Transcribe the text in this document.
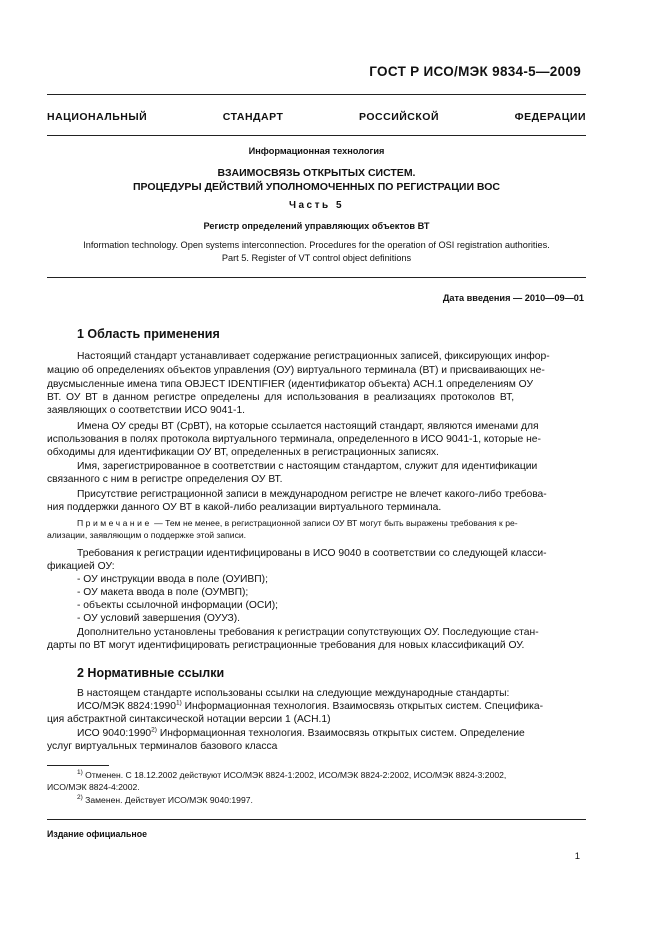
ГОСТ Р ИСО/МЭК 9834-5—2009
НАЦИОНАЛЬНЫЙ СТАНДАРТ РОССИЙСКОЙ ФЕДЕРАЦИИ
Информационная технология
ВЗАИМОСВЯЗЬ ОТКРЫТЫХ СИСТЕМ.
ПРОЦЕДУРЫ ДЕЙСТВИЙ УПОЛНОМОЧЕННЫХ ПО РЕГИСТРАЦИИ ВОС
Часть 5
Регистр определений управляющих объектов ВТ
Information technology. Open systems interconnection. Procedures for the operation of OSI registration authorities.
Part 5. Register of VT control object definitions
Дата введения — 2010—09—01
1 Область применения
Настоящий стандарт устанавливает содержание регистрационных записей, фиксирующих инфор-
мацию об определениях объектов управления (ОУ) виртуального терминала (ВТ) и присваивающих не-
двусмысленные имена типа OBJECT IDENTIFIER (идентификатор объекта) АСН.1 определениям ОУ
ВТ. ОУ ВТ в данном регистре определены для использования в реализациях протоколов ВТ,
заявляющих о соответствии ИСО 9041-1.
Имена ОУ среды ВТ (СрВТ), на которые ссылается настоящий стандарт, являются именами для
использования в полях протокола виртуального терминала, определенного в ИСО 9041-1, которые не-
обходимы для идентификации ОУ ВТ, определенных в регистрационных записях.
Имя, зарегистрированное в соответствии с настоящим стандартом, служит для идентификации
связанного с ним в регистре определения ОУ ВТ.
Присутствие регистрационной записи в международном регистре не влечет какого-либо требова-
ния поддержки данного ОУ ВТ в какой-либо реализации виртуального терминала.
Примечание — Тем не менее, в регистрационной записи ОУ ВТ могут быть выражены требования к ре-
ализации, заявляющим о поддержке этой записи.
Требования к регистрации идентифицированы в ИСО 9040 в соответствии со следующей класси-
фикацией ОУ:
- ОУ инструкции ввода в поле (ОУИВП);
- ОУ макета ввода в поле (ОУМВП);
- объекты ссылочной информации (ОСИ);
- ОУ условий завершения (ОУУЗ).
Дополнительно установлены требования к регистрации сопутствующих ОУ. Последующие стан-
дарты по ВТ могут идентифицировать регистрационные требования для новых классификаций ОУ.
2 Нормативные ссылки
В настоящем стандарте использованы ссылки на следующие международные стандарты:
ИСО/МЭК 8824:1990$^{1)}$ Информационная технология. Взаимосвязь открытых систем. Специфика-
ция абстрактной синтаксической нотации версии 1 (АСН.1)
ИСО 9040:1990$^{2)}$ Информационная технология. Взаимосвязь открытых систем. Определение
услуг виртуальных терминалов базового класса
$^{1)}$ Отменен. С 18.12.2002 действуют ИСО/МЭК 8824-1:2002, ИСО/МЭК 8824-2:2002, ИСО/МЭК 8824-3:2002,
ИСО/МЭК 8824-4:2002.
$^{2)}$ Заменен. Действует ИСО/МЭК 9040:1997.
Издание официальное
1
